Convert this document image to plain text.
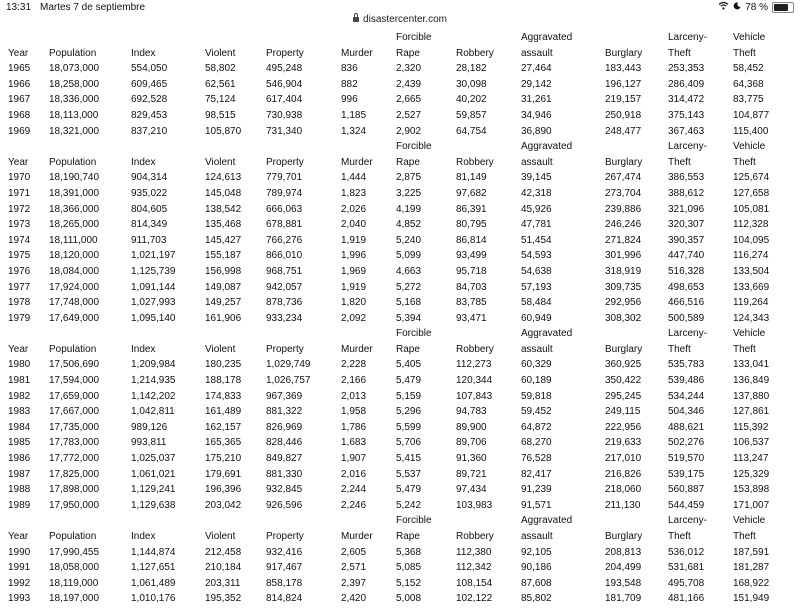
13:31 Martes 7 de septiembre	78 %
disastercenter.com
Forcible	Aggravated	Larceny-	Vehicle
Year Population	Index	Violent	Property	Murder Rape	Robbery	assault	Burglary	Theft	Theft
1965 18,073,000	554,050	58,802	495,248	836	2,320	28,182	27,464	183,443	253,353	58,452
1966 18,258,000	609,465	62,561	546,904	882	2,439	30,098	29,142	196,127	286,409	64,368
1967 18,336,000	692,528	75,124	617,404	996	2,665	40,202	31,261	219,157	314,472	83,775
1968 18,113,000	829,453	98,515	730,938	1,185	2,527	59,857	34,946	250,918	375,143	104,877
1969 18,321,000	837,210	105,870 731,340	1,324	2,902	64,754	36,890	248,477	367,463	115,400
Forcible	Aggravated	Larceny-	Vehicle
Year Population	Index	Violent	Property	Murder Rape	Robbery	assault	Burglary	Theft	Theft
1970 18,190,740	904,314	124,613 779,701	1,444	2,875	81,149	39,145	267,474	386,553	125,674
1971 18,391,000	935,022	145,048 789,974	1,823	3,225	97,682	42,318	273,704	388,612	127,658
1972 18,366,000	804,605	138,542 666,063	2,026	4,199	86,391	45,926	239,886	321,096	105,081
1973 18,265,000	814,349	135,468 678,881	2,040	4,852	80,795	47,781	246,246	320,307	112,328
1974 18,111,000	911,703	145,427 766,276	1,919	5,240	86,814	51,454	271,824	390,357	104,095
1975 18,120,000	1,021,197	155,187 866,010	1,996	5,099	93,499	54,593	301,996	447,740	116,274
1976 18,084,000	1,125,739	156,998 968,751	1,969	4,663	95,718	54,638	318,919	516,328	133,504
1977 17,924,000	1,091,144	149,087 942,057	1,919	5,272	84,703	57,193	309,735	498,653	133,669
1978 17,748,000	1,027,993	149,257 878,736	1,820	5,168	83,785	58,484	292,956	466,516	119,264
1979 17,649,000	1,095,140	161,906 933,234	2,092	5,394	93,471	60,949	308,302	500,589	124,343
Forcible	Aggravated	Larceny-	Vehicle
Year Population	Index	Violent	Property	Murder Rape	Robbery	assault	Burglary	Theft	Theft
1980 17,506,690	1,209,984	180,235 1,029,749	2,228	5,405	112,273	60,329	360,925	535,783	133,041
1981 17,594,000	1,214,935	188,178 1,026,757	2,166	5,479	120,344	60,189	350,422	539,486	136,849
1982 17,659,000	1,142,202	174,833 967,369	2,013	5,159	107,843	59,818	295,245	534,244	137,880
1983 17,667,000	1,042,811	161,489 881,322	1,958	5,296	94,783	59,452	249,115	504,346	127,861
1984 17,735,000	989,126	162,157 826,969	1,786	5,599	89,900	64,872	222,956	488,621	115,392
1985 17,783,000	993,811	165,365 828,446	1,683	5,706	89,706	68,270	219,633	502,276	106,537
1986 17,772,000	1,025,037	175,210 849,827	1,907	5,415	91,360	76,528	217,010	519,570	113,247
1987 17,825,000	1,061,021	179,691 881,330	2,016	5,537	89,721	82,417	216,826	539,175	125,329
1988 17,898,000	1,129,241	196,396 932,845	2,244	5,479	97,434	91,239	218,060	560,887	153,898
1989 17,950,000	1,129,638	203,042 926,596	2,246	5,242	103,983	91,571	211,130	544,459	171,007
Forcible	Aggravated	Larceny-	Vehicle
Year Population	Index	Violent	Property	Murder Rape	Robbery	assault	Burglary	Theft	Theft
1990 17,990,455	1,144,874	212,458 932,416	2,605	5,368	112,380	92,105	208,813	536,012	187,591
1991 18,058,000	1,127,651	210,184 917,467	2,571	5,085	112,342	90,186	204,499	531,681	181,287
1992 18,119,000	1,061,489	203,311	858,178	2,397	5,152	108,154	87,608	193,548	495,708	168,922
1993 18,197,000	1,010,176	195,352 814,824	2,420	5,008	102,122	85,802	181,709	481,166	151,949
